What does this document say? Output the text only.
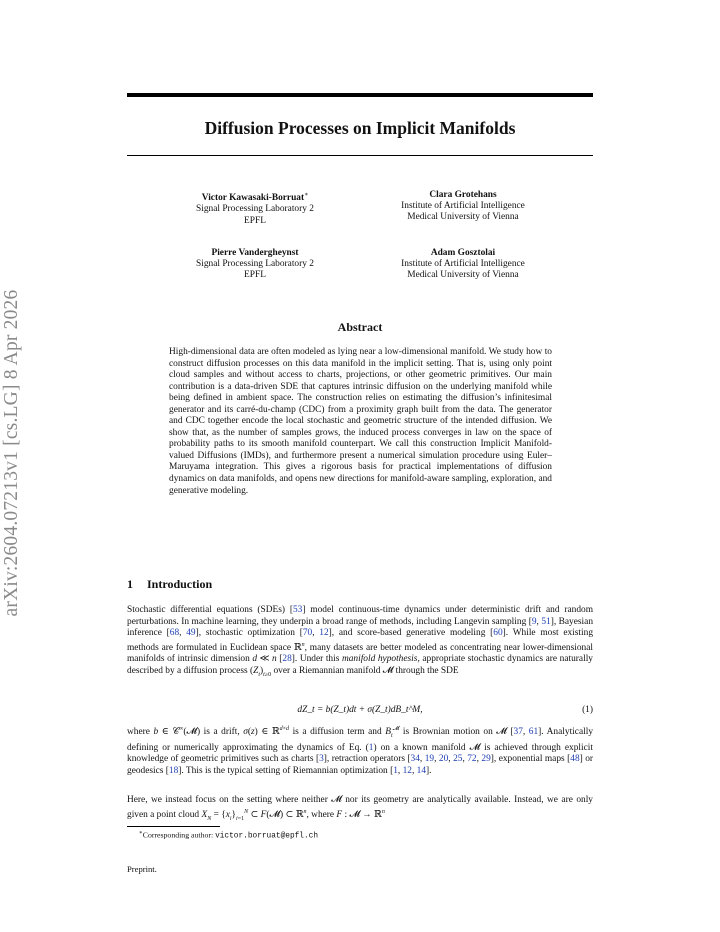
arXiv:2604.07213v1 [cs.LG] 8 Apr 2026
Diffusion Processes on Implicit Manifolds
Victor Kawasaki-Borruat∗
Signal Processing Laboratory 2
EPFL
Clara Grotehans
Institute of Artificial Intelligence
Medical University of Vienna
Pierre Vandergheynst
Signal Processing Laboratory 2
EPFL
Adam Gosztolai
Institute of Artificial Intelligence
Medical University of Vienna
Abstract
High-dimensional data are often modeled as lying near a low-dimensional manifold. We study how to construct diffusion processes on this data manifold in the implicit setting. That is, using only point cloud samples and without access to charts, projections, or other geometric primitives. Our main contribution is a data-driven SDE that captures intrinsic diffusion on the underlying manifold while being defined in ambient space. The construction relies on estimating the diffusion’s infinitesimal generator and its carré-du-champ (CDC) from a proximity graph built from the data. The generator and CDC together encode the local stochastic and geometric structure of the intended diffusion. We show that, as the number of samples grows, the induced process converges in law on the space of probability paths to its smooth manifold counterpart. We call this construction Implicit Manifold-valued Diffusions (IMDs), and furthermore present a numerical simulation procedure using Euler–Maruyama integration. This gives a rigorous basis for practical implementations of diffusion dynamics on data manifolds, and opens new directions for manifold-aware sampling, exploration, and generative modeling.
1 Introduction
Stochastic differential equations (SDEs) [53] model continuous-time dynamics under deterministic drift and random perturbations. In machine learning, they underpin a broad range of methods, including Langevin sampling [9, 51], Bayesian inference [68, 49], stochastic optimization [70, 12], and score-based generative modeling [60]. While most existing methods are formulated in Euclidean space ℝ$^n$, many datasets are better modeled as concentrating near lower-dimensional manifolds of intrinsic dimension d ≪ n [28]. Under this manifold hypothesis, appropriate stochastic dynamics are naturally described by a diffusion process $(Z_t)_{t\ge 0}$ over a Riemannian manifold 𝓜 through the SDE
dZ_t = b(Z_t)dt + σ(Z_t)dB_t^M,	(1)
where b ∈ 𝒞∞(𝓜) is a drift, σ(z) ∈ ℝ$^{d\times d}$ is a diffusion term and $B_t^𝓜$ is Brownian motion on 𝓜 [37, 61]. Analytically defining or numerically approximating the dynamics of Eq. (1) on a known manifold 𝓜 is achieved through explicit knowledge of geometric primitives such as charts [3], retraction operators [34, 19, 20, 25, 72, 29], exponential maps [48] or geodesics [18]. This is the typical setting of Riemannian optimization [1, 12, 14].
Here, we instead focus on the setting where neither 𝓜 nor its geometry are analytically available. Instead, we are only given a point cloud $X_N = \{x_i\}_{i=1}^N$ ⊂ F(𝓜) ⊂ ℝ$^n$, where F : 𝓜 → ℝ$^n$
∗Corresponding author: victor.borruat@epfl.ch
Preprint.
